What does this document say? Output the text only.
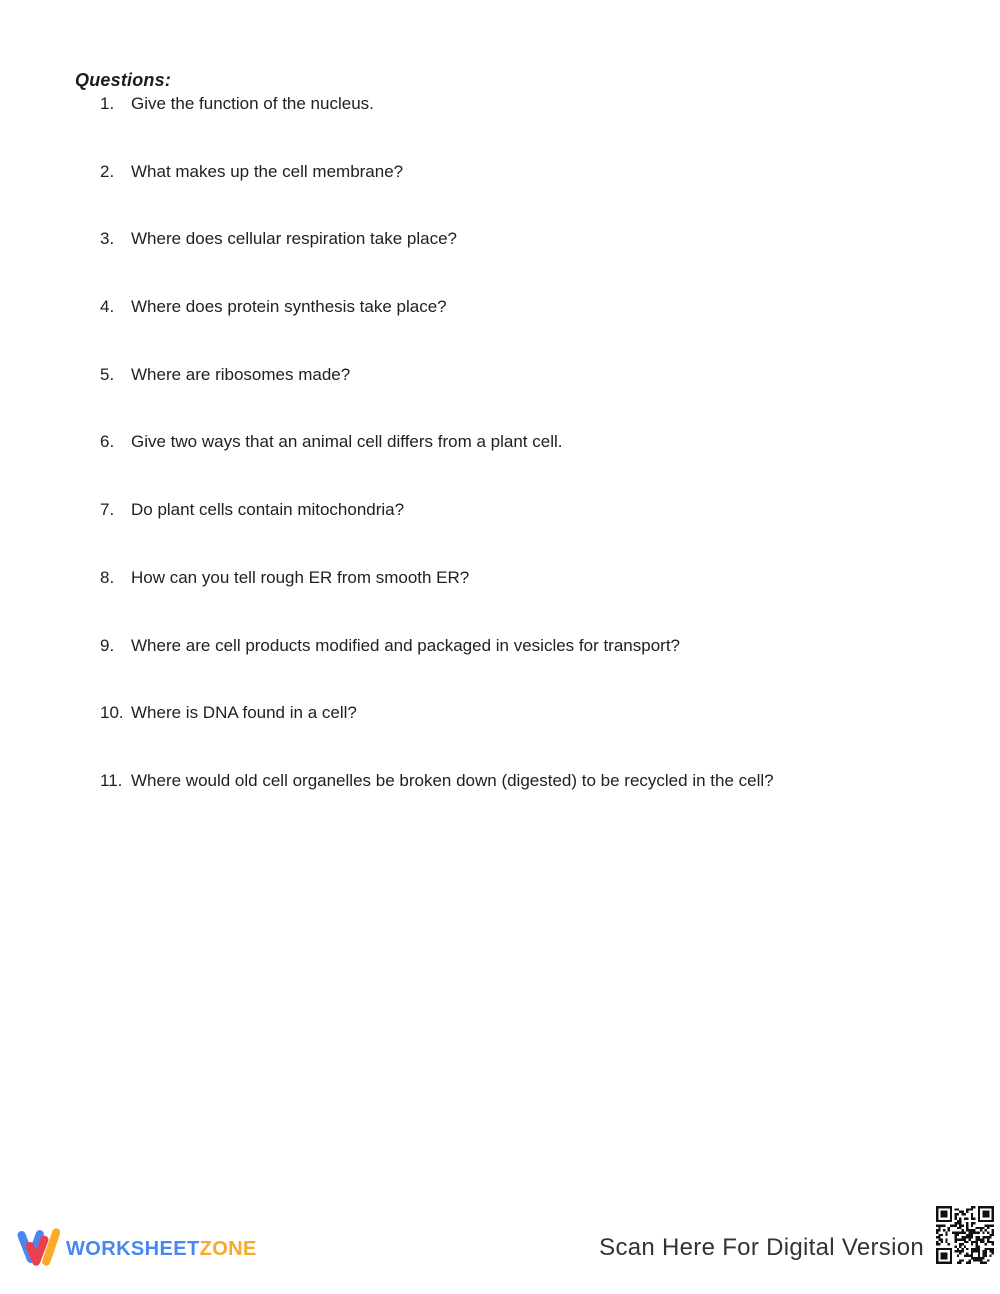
Questions:
1. Give the function of the nucleus.
2. What makes up the cell membrane?
3. Where does cellular respiration take place?
4. Where does protein synthesis take place?
5. Where are ribosomes made?
6. Give two ways that an animal cell differs from a plant cell.
7. Do plant cells contain mitochondria?
8. How can you tell rough ER from smooth ER?
9. Where are cell products modified and packaged in vesicles for transport?
10. Where is DNA found in a cell?
11. Where would old cell organelles be broken down (digested) to be recycled in the cell?
WORKSHEETZONE	Scan Here For Digital Version
